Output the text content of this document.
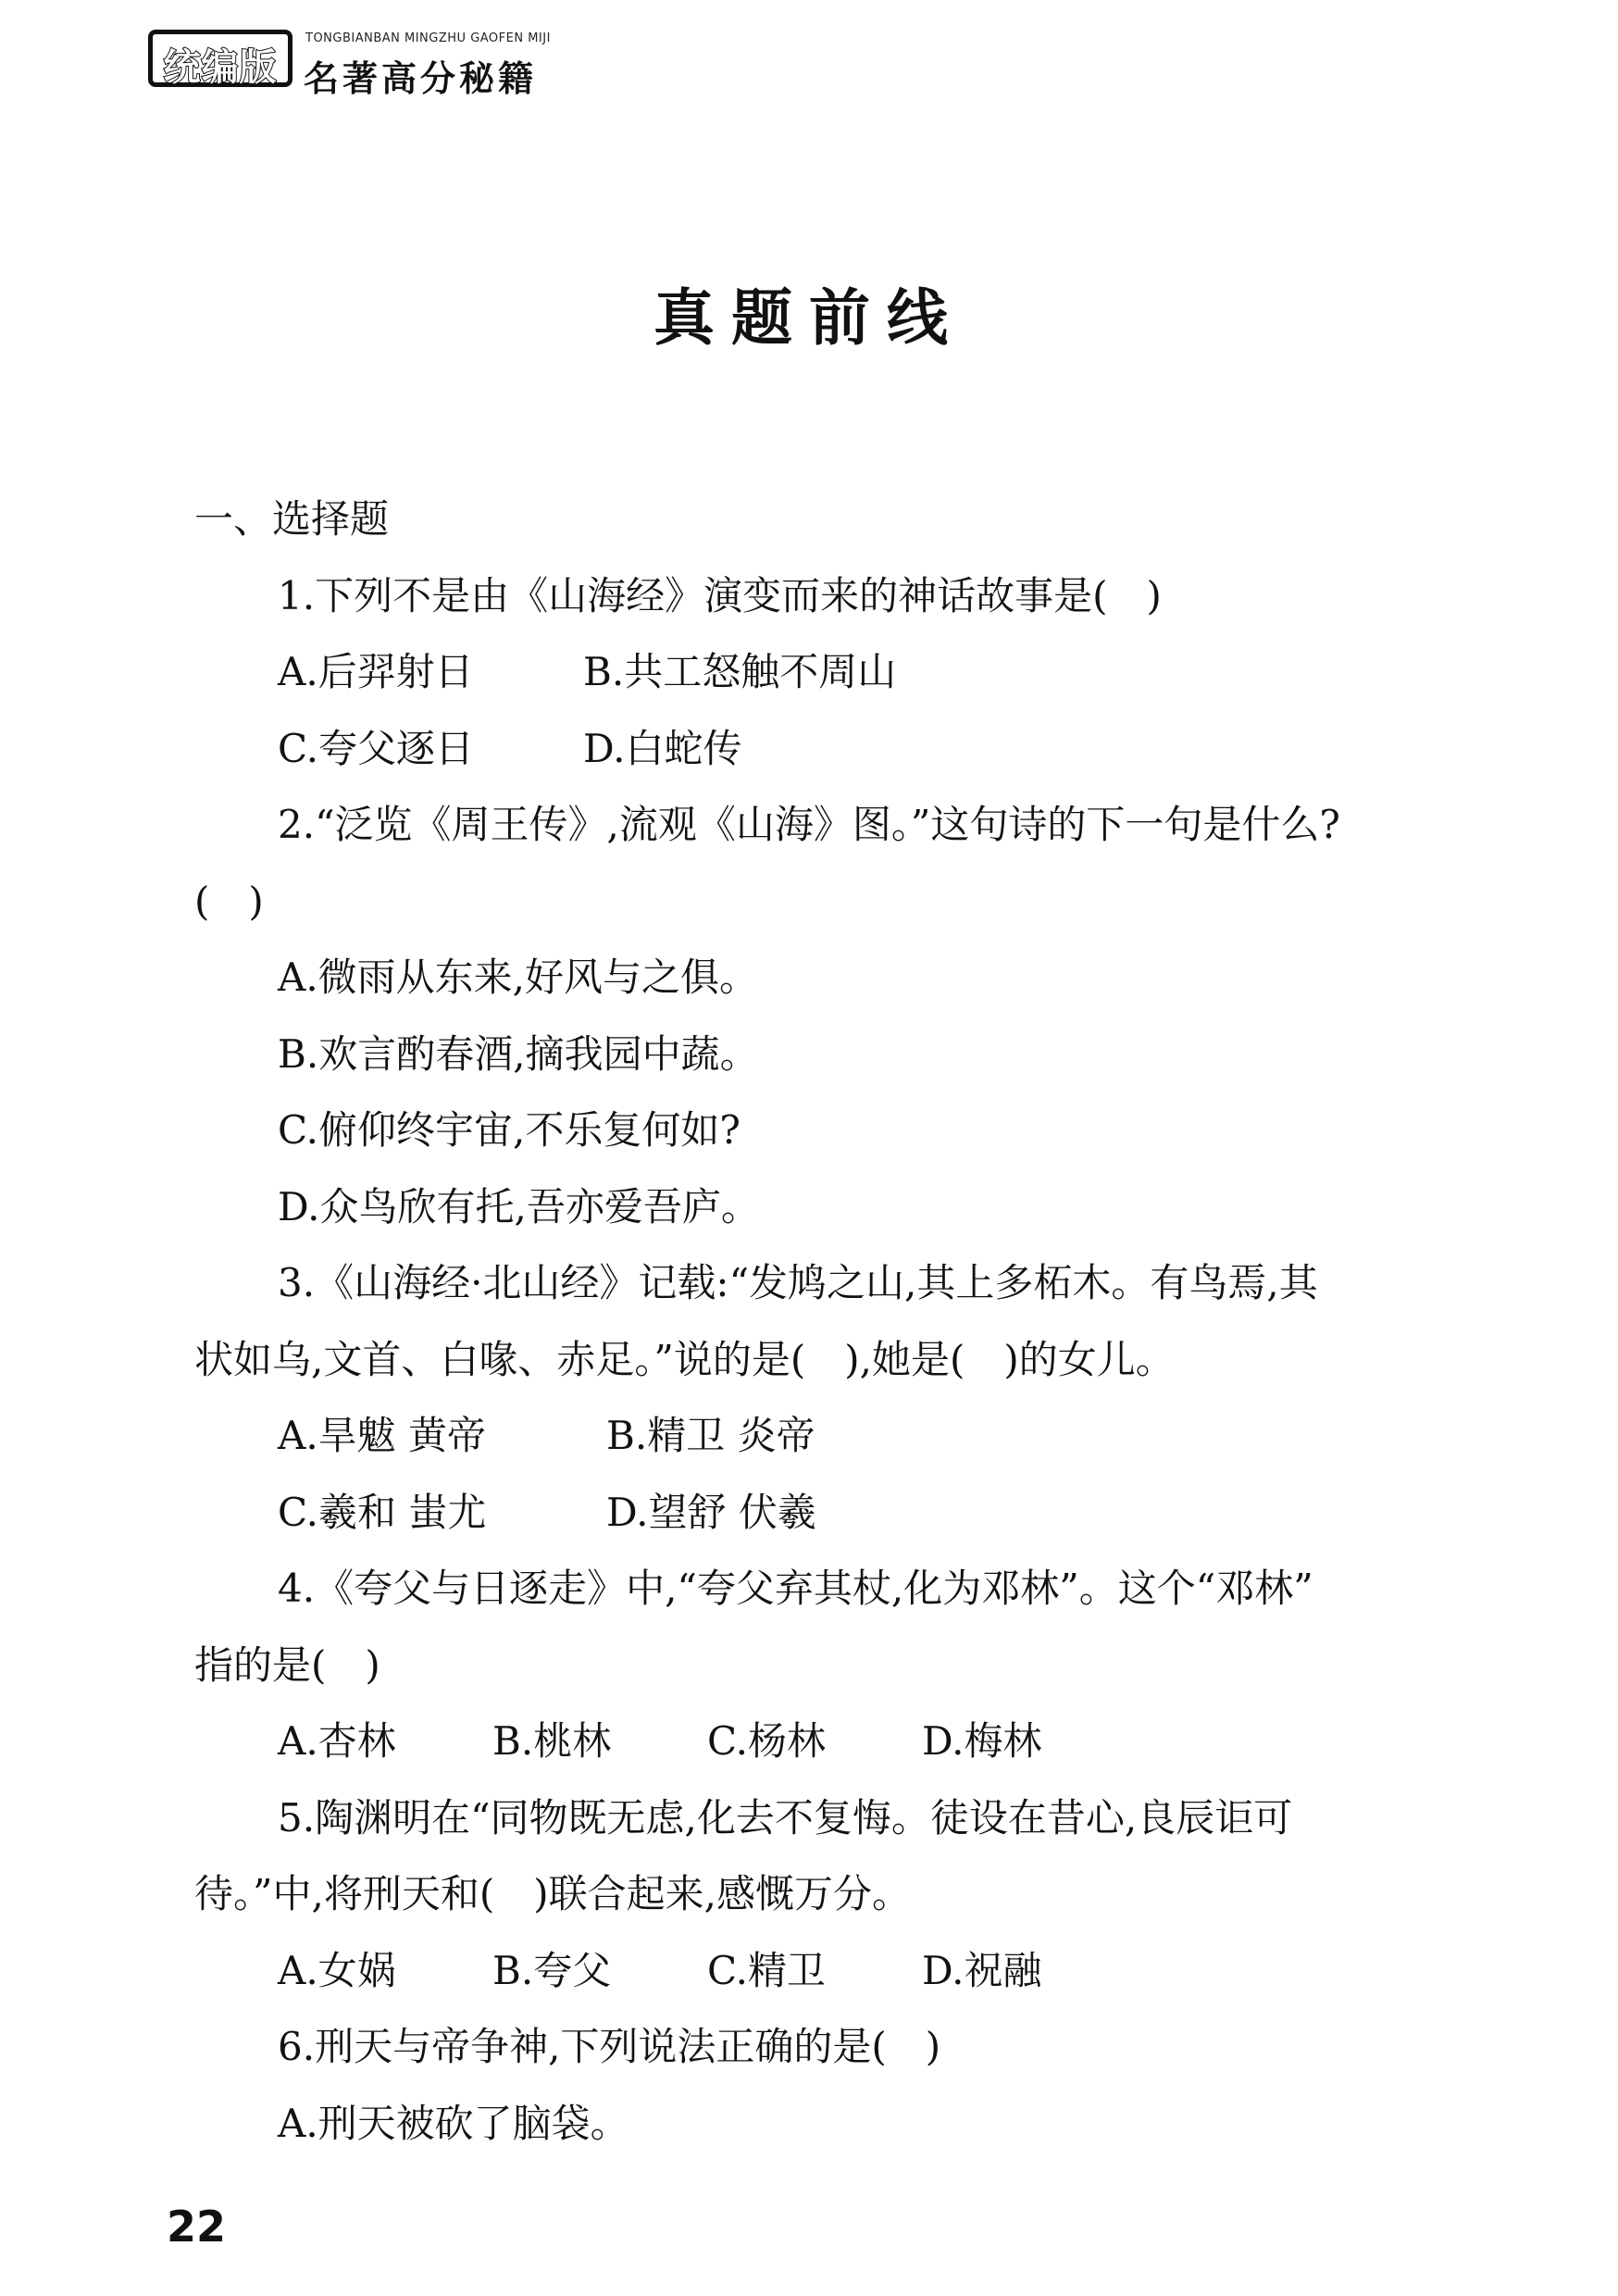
统编版
TONGBIANBAN MINGZHU GAOFEN MIJI
名著高分秘籍
真题前线
一、选择题
1.下列不是由《山海经》演变而来的神话故事是(　)
A.后羿射日	B.共工怒触不周山
C.夸父逐日	D.白蛇传
2.“泛览《周王传》,流观《山海》图。”这句诗的下一句是什么?
(　)
A.微雨从东来,好风与之俱。
B.欢言酌春酒,摘我园中蔬。
C.俯仰终宇宙,不乐复何如?
D.众鸟欣有托,吾亦爱吾庐。
3.《山海经·北山经》记载:“发鸠之山,其上多柘木。有鸟焉,其
状如乌,文首、白喙、赤足。”说的是(　),她是(　)的女儿。
A.旱魃 黄帝	B.精卫 炎帝
C.羲和 蚩尤	D.望舒 伏羲
4.《夸父与日逐走》中,“夸父弃其杖,化为邓林”。这个“邓林”
指的是(　)
A.杏林	B.桃林	C.杨林	D.梅林
5.陶渊明在“同物既无虑,化去不复悔。徒设在昔心,良辰讵可
待。”中,将刑天和(　)联合起来,感慨万分。
A.女娲	B.夸父	C.精卫	D.祝融
6.刑天与帝争神,下列说法正确的是(　)
A.刑天被砍了脑袋。
22
